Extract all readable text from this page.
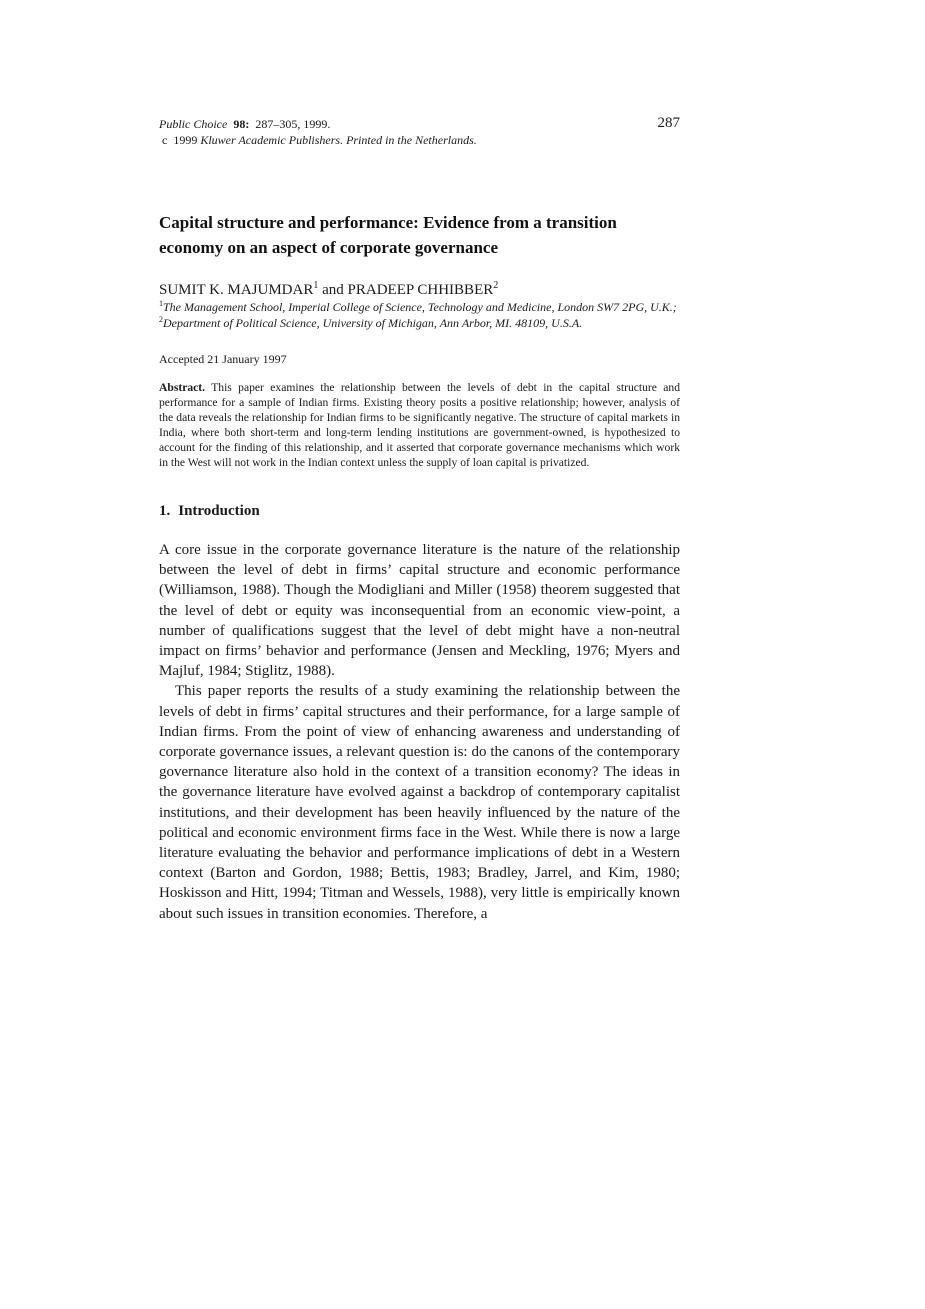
Public Choice 98: 287–305, 1999.
c 1999 Kluwer Academic Publishers. Printed in the Netherlands.
287
Capital structure and performance: Evidence from a transition economy on an aspect of corporate governance
SUMIT K. MAJUMDAR$^1$ and PRADEEP CHHIBBER$^2$
$^1$The Management School, Imperial College of Science, Technology and Medicine, London SW7 2PG, U.K.; $^2$Department of Political Science, University of Michigan, Ann Arbor, MI. 48109, U.S.A.
Accepted 21 January 1997
Abstract. This paper examines the relationship between the levels of debt in the capital structure and performance for a sample of Indian firms. Existing theory posits a positive relationship; however, analysis of the data reveals the relationship for Indian firms to be significantly negative. The structure of capital markets in India, where both short-term and long-term lending institutions are government-owned, is hypothesized to account for the finding of this relationship, and it asserted that corporate governance mechanisms which work in the West will not work in the Indian context unless the supply of loan capital is privatized.
1. Introduction

A core issue in the corporate governance literature is the nature of the relationship between the level of debt in firms’ capital structure and economic performance (Williamson, 1988). Though the Modigliani and Miller (1958) theorem suggested that the level of debt or equity was inconsequential from an economic view-point, a number of qualifications suggest that the level of debt might have a non-neutral impact on firms’ behavior and performance (Jensen and Meckling, 1976; Myers and Majluf, 1984; Stiglitz, 1988).

This paper reports the results of a study examining the relationship between the levels of debt in firms’ capital structures and their performance, for a large sample of Indian firms. From the point of view of enhancing awareness and understanding of corporate governance issues, a relevant question is: do the canons of the contemporary governance literature also hold in the context of a transition economy? The ideas in the governance literature have evolved against a backdrop of contemporary capitalist institutions, and their development has been heavily influenced by the nature of the political and economic environment firms face in the West. While there is now a large literature evaluating the behavior and performance implications of debt in a Western context (Barton and Gordon, 1988; Bettis, 1983; Bradley, Jarrel, and Kim, 1980; Hoskisson and Hitt, 1994; Titman and Wessels, 1988), very little is empirically known about such issues in transition economies. Therefore, a
